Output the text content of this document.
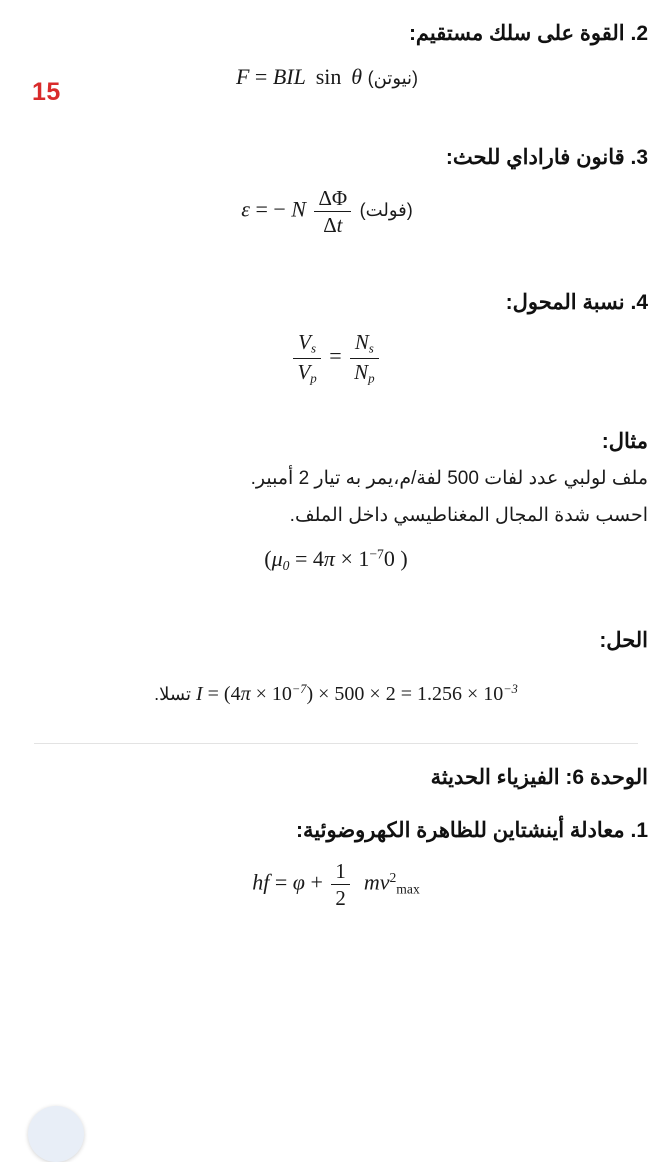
15
2. القوة على سلك مستقيم:
F = BIL  sin  θ (نيوتن)
3. قانون فاراداي للحث:
ε = − N $\frac{\Delta\Phi}{\Delta t}$ (فولت)
4. نسبة المحول:
$\frac{V_s}{V_p} = \frac{N_s}{N_p}$
مثال:
ملف لولبي عدد لفات 500 لفة/م،يمر به تيار 2 أمبير.
احسب شدة المجال المغناطيسي داخل الملف.
($\mu_0 = 4\pi \times 1^{-7}0$ )
الحل:
$I = (4\pi \times 10^{-7}) \times 500 \times 2 = 1.256 \times 10^{-3}$ تسلا.
الوحدة 6: الفيزياء الحديثة
1. معادلة أينشتاين للظاهرة الكهروضوئية:
hf = $\varphi + \frac{1}{2} mv^2_{max}$
